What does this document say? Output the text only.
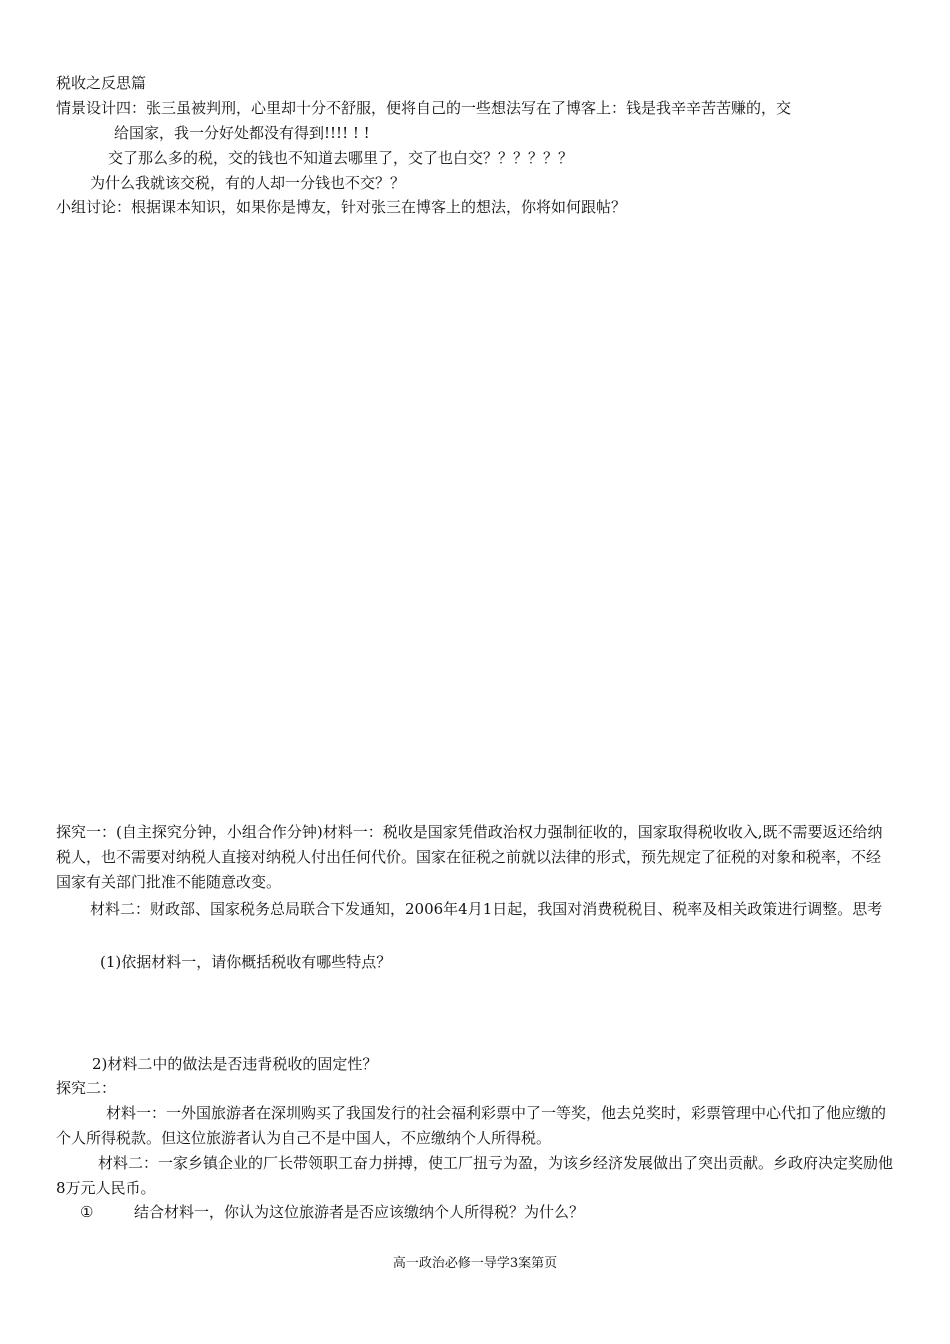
税收之反思篇
情景设计四：张三虽被判刑，心里却十分不舒服，便将自己的一些想法写在了博客上：钱是我辛辛苦苦赚的，交
给国家，我一分好处都没有得到!!!! ! !
交了那么多的税，交的钱也不知道去哪里了，交了也白交？？？？？？
为什么我就该交税，有的人却一分钱也不交？？
小组讨论：根据课本知识，如果你是博友，针对张三在博客上的想法，你将如何跟帖？
探究一：(自主探究分钟，小组合作分钟)材料一：税收是国家凭借政治权力强制征收的，国家取得税收收入,既不需要返还给纳税人，也不需要对纳税人直接对纳税人付出任何代价。国家在征税之前就以法律的形式，预先规定了征税的对象和税率，不经国家有关部门批准不能随意改变。
材料二：财政部、国家税务总局联合下发通知，2006年4月1日起，我国对消费税税目、税率及相关政策进行调整。思考
(1)依据材料一，请你概括税收有哪些特点？
2)材料二中的做法是否违背税收的固定性？
探究二：
材料一：一外国旅游者在深圳购买了我国发行的社会福利彩票中了一等奖，他去兑奖时，彩票管理中心代扣了他应缴的个人所得税款。但这位旅游者认为自己不是中国人，不应缴纳个人所得税。
材料二：一家乡镇企业的厂长带领职工奋力拼搏，使工厂扭亏为盈，为该乡经济发展做出了突出贡献。乡政府决定奖励他8万元人民币。
①	结合材料一，你认为这位旅游者是否应该缴纳个人所得税？为什么？
高一政治必修一导学3案第页
